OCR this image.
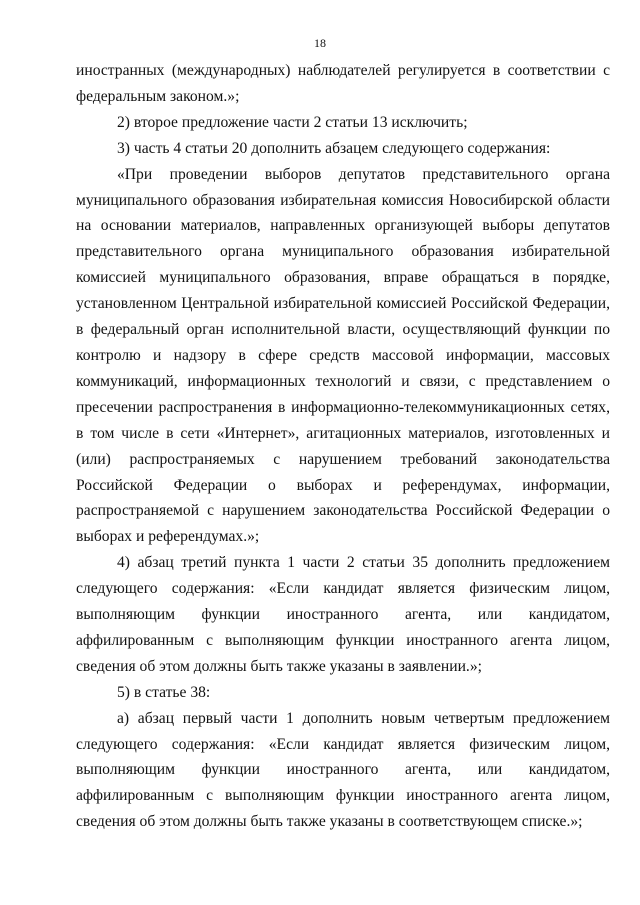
18

иностранных (международных) наблюдателей регулируется в соответствии с федеральным законом.»;

2) второе предложение части 2 статьи 13 исключить;

3) часть 4 статьи 20 дополнить абзацем следующего содержания:

«При проведении выборов депутатов представительного органа муниципального образования избирательная комиссия Новосибирской области на основании материалов, направленных организующей выборы депутатов представительного органа муниципального образования избирательной комиссией муниципального образования, вправе обращаться в порядке, установленном Центральной избирательной комиссией Российской Федерации, в федеральный орган исполнительной власти, осуществляющий функции по контролю и надзору в сфере средств массовой информации, массовых коммуникаций, информационных технологий и связи, с представлением о пресечении распространения в информационно-телекоммуникационных сетях, в том числе в сети «Интернет», агитационных материалов, изготовленных и (или) распространяемых с нарушением требований законодательства Российской Федерации о выборах и референдумах, информации, распространяемой с нарушением законодательства Российской Федерации о выборах и референдумах.»;

4) абзац третий пункта 1 части 2 статьи 35 дополнить предложением следующего содержания: «Если кандидат является физическим лицом, выполняющим функции иностранного агента, или кандидатом, аффилированным с выполняющим функции иностранного агента лицом, сведения об этом должны быть также указаны в заявлении.»;

5) в статье 38:

а) абзац первый части 1 дополнить новым четвертым предложением следующего содержания: «Если кандидат является физическим лицом, выполняющим функции иностранного агента, или кандидатом, аффилированным с выполняющим функции иностранного агента лицом, сведения об этом должны быть также указаны в соответствующем списке.»;
